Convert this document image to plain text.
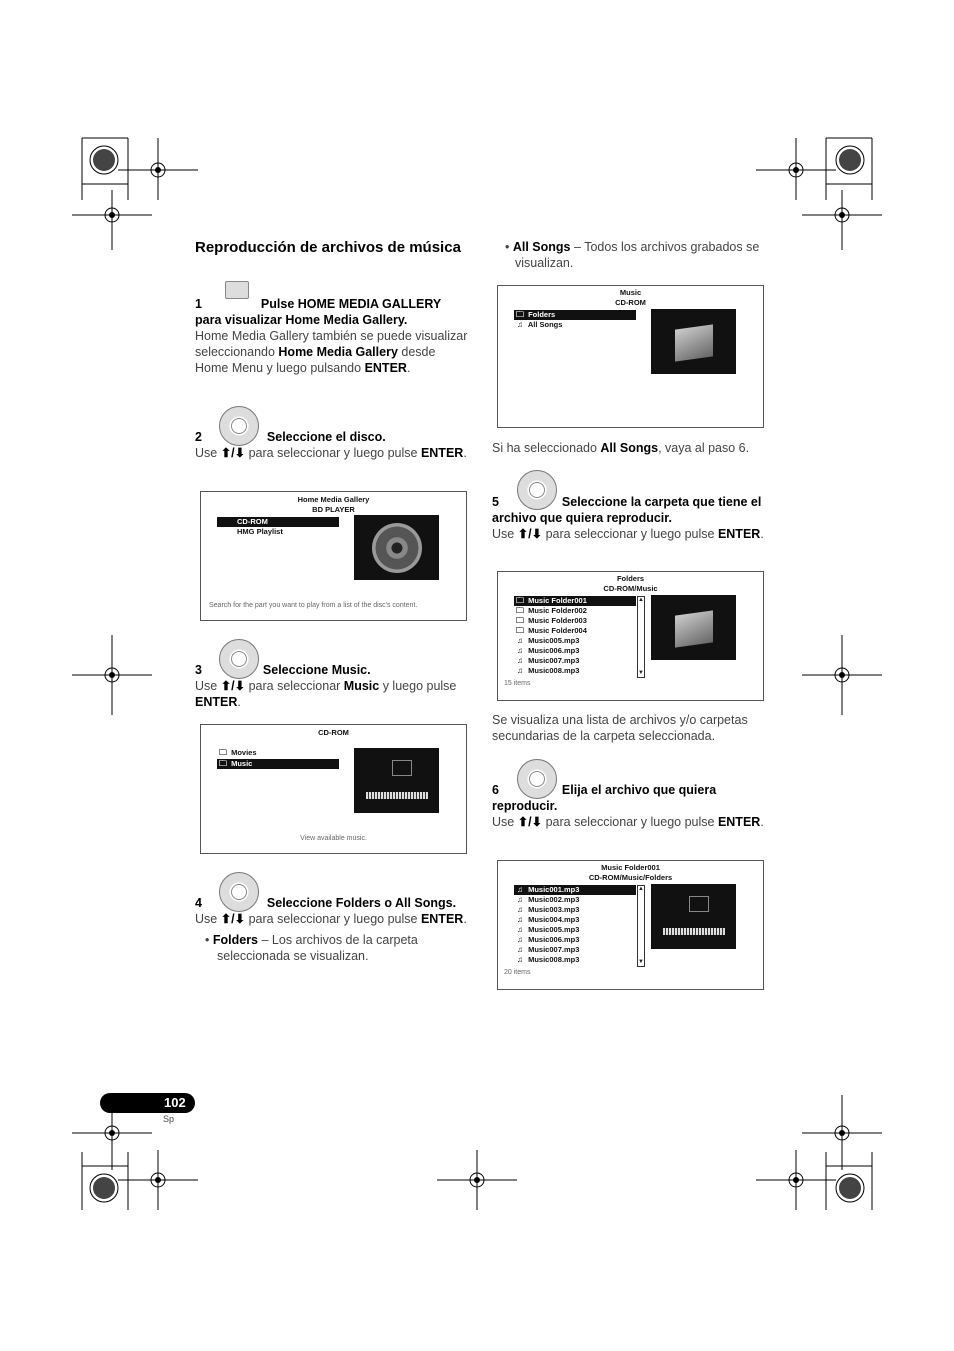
Reproducción de archivos de música
1	Pulse HOME MEDIA GALLERY para visualizar Home Media Gallery.
Home Media Gallery también se puede visualizar seleccionando Home Media Gallery desde Home Menu y luego pulsando ENTER.
2	Seleccione el disco.
Use ⬆/⬇ para seleccionar y luego pulse ENTER.
Home Media Gallery
BD PLAYER
CD-ROM
HMG Playlist
Search for the part you want to play from a list of the disc's content.
3	Seleccione Music.
Use ⬆/⬇ para seleccionar Music y luego pulse ENTER.
CD-ROM
🗀 Movies
🗀 Music
View available music.
4	Seleccione Folders o All Songs.
Use ⬆/⬇ para seleccionar y luego pulse ENTER.
• Folders – Los archivos de la carpeta seleccionada se visualizan.
• All Songs – Todos los archivos grabados se visualizan.
Music
CD-ROM
🗀 Folders
♫ All Songs
Si ha seleccionado All Songs, vaya al paso 6.
5	Seleccione la carpeta que tiene el archivo que quiera reproducir.
Use ⬆/⬇ para seleccionar y luego pulse ENTER.
Folders
CD-ROM/Music
🗀 Music Folder001
🗀 Music Folder002
🗀 Music Folder003
🗀 Music Folder004
♫ Music005.mp3
♫ Music006.mp3
♫ Music007.mp3
♫ Music008.mp3
▲
▼
15 items
Se visualiza una lista de archivos y/o carpetas secundarias de la carpeta seleccionada.
6	Elija el archivo que quiera reproducir.
Use ⬆/⬇ para seleccionar y luego pulse ENTER.
Music Folder001
CD-ROM/Music/Folders
♫ Music001.mp3
♫ Music002.mp3
♫ Music003.mp3
♫ Music004.mp3
♫ Music005.mp3
♫ Music006.mp3
♫ Music007.mp3
♫ Music008.mp3
▲
▼
20 items
102
Sp
